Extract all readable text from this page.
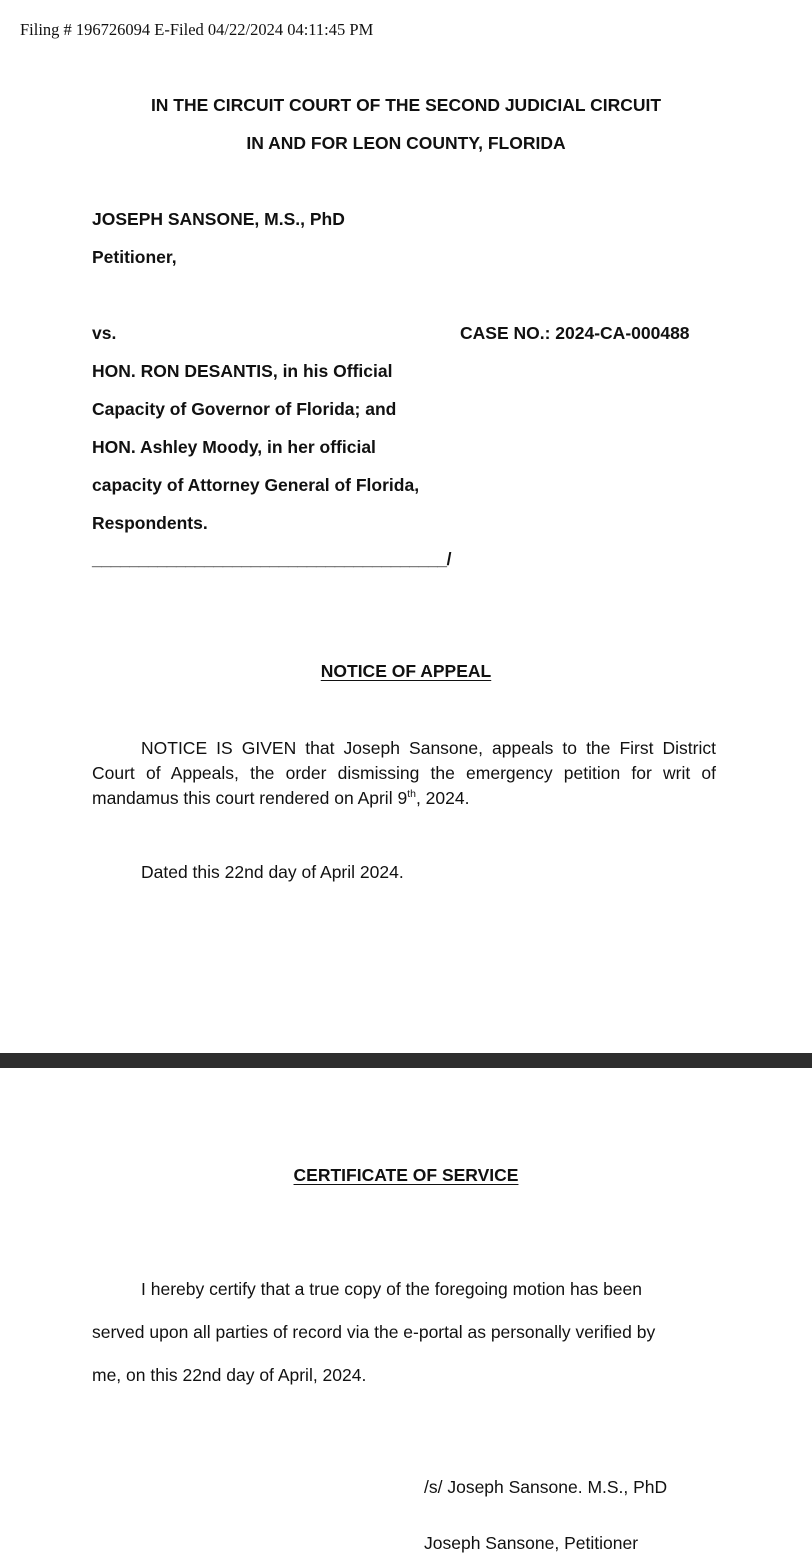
Filing # 196726094 E-Filed 04/22/2024 04:11:45 PM
IN THE CIRCUIT COURT OF THE SECOND JUDICIAL CIRCUIT
IN AND FOR LEON COUNTY, FLORIDA
JOSEPH SANSONE, M.S., PhD
Petitioner,
vs.	CASE NO.: 2024-CA-000488
HON. RON DESANTIS, in his Official
Capacity of Governor of Florida; and
HON. Ashley Moody, in her official
capacity of Attorney General of Florida,
Respondents.
______________________________________/
NOTICE OF APPEAL
NOTICE IS GIVEN that Joseph Sansone, appeals to the First District Court of Appeals, the order dismissing the emergency petition for writ of mandamus this court rendered on April 9th, 2024.
Dated this 22nd day of April 2024.
CERTIFICATE OF SERVICE
I hereby certify that a true copy of the foregoing motion has been
served upon all parties of record via the e-portal as personally verified by
me, on this 22nd day of April, 2024.
/s/ Joseph Sansone. M.S., PhD
Joseph Sansone, Petitioner
